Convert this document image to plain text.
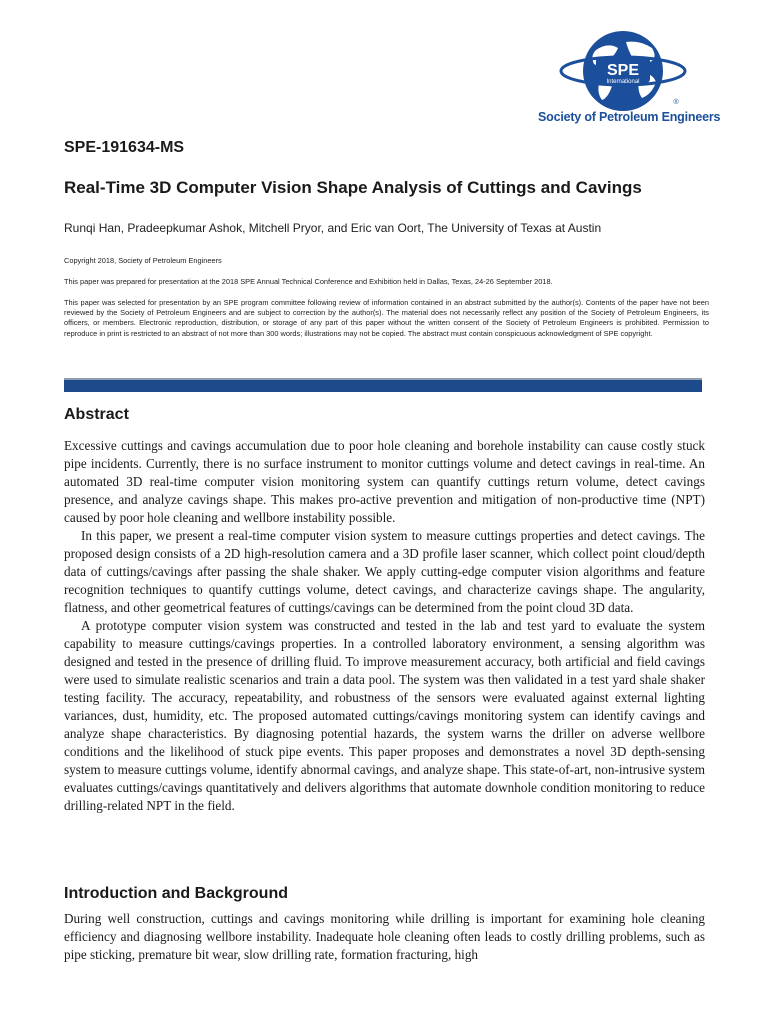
SPE
International
®
Society of Petroleum Engineers
SPE-191634-MS
Real-Time 3D Computer Vision Shape Analysis of Cuttings and Cavings
Runqi Han, Pradeepkumar Ashok, Mitchell Pryor, and Eric van Oort, The University of Texas at Austin
Copyright 2018, Society of Petroleum Engineers
This paper was prepared for presentation at the 2018 SPE Annual Technical Conference and Exhibition held in Dallas, Texas, 24-26 September 2018.
This paper was selected for presentation by an SPE program committee following review of information contained in an abstract submitted by the author(s). Contents of the paper have not been reviewed by the Society of Petroleum Engineers and are subject to correction by the author(s). The material does not necessarily reflect any position of the Society of Petroleum Engineers, its officers, or members. Electronic reproduction, distribution, or storage of any part of this paper without the written consent of the Society of Petroleum Engineers is prohibited. Permission to reproduce in print is restricted to an abstract of not more than 300 words; illustrations may not be copied. The abstract must contain conspicuous acknowledgment of SPE copyright.
Abstract

Excessive cuttings and cavings accumulation due to poor hole cleaning and borehole instability can cause costly stuck pipe incidents. Currently, there is no surface instrument to monitor cuttings volume and detect cavings in real-time. An automated 3D real-time computer vision monitoring system can quantify cuttings return volume, detect cavings presence, and analyze cavings shape. This makes pro-active prevention and mitigation of non-productive time (NPT) caused by poor hole cleaning and wellbore instability possible.

In this paper, we present a real-time computer vision system to measure cuttings properties and detect cavings. The proposed design consists of a 2D high-resolution camera and a 3D profile laser scanner, which collect point cloud/depth data of cuttings/cavings after passing the shale shaker. We apply cutting-edge computer vision algorithms and feature recognition techniques to quantify cuttings volume, detect cavings, and characterize cavings shape. The angularity, flatness, and other geometrical features of cuttings/cavings can be determined from the point cloud 3D data.

A prototype computer vision system was constructed and tested in the lab and test yard to evaluate the system capability to measure cuttings/cavings properties. In a controlled laboratory environment, a sensing algorithm was designed and tested in the presence of drilling fluid. To improve measurement accuracy, both artificial and field cavings were used to simulate realistic scenarios and train a data pool. The system was then validated in a test yard shale shaker testing facility. The accuracy, repeatability, and robustness of the sensors were evaluated against external lighting variances, dust, humidity, etc. The proposed automated cuttings/cavings monitoring system can identify cavings and analyze shape characteristics. By diagnosing potential hazards, the system warns the driller on adverse wellbore conditions and the likelihood of stuck pipe events. This paper proposes and demonstrates a novel 3D depth-sensing system to measure cuttings volume, identify abnormal cavings, and analyze shape. This state-of-art, non-intrusive system evaluates cuttings/cavings quantitatively and delivers algorithms that automate downhole condition monitoring to reduce drilling-related NPT in the field.

Introduction and Background

During well construction, cuttings and cavings monitoring while drilling is important for examining hole cleaning efficiency and diagnosing wellbore instability. Inadequate hole cleaning often leads to costly drilling problems, such as pipe sticking, premature bit wear, slow drilling rate, formation fracturing, high
